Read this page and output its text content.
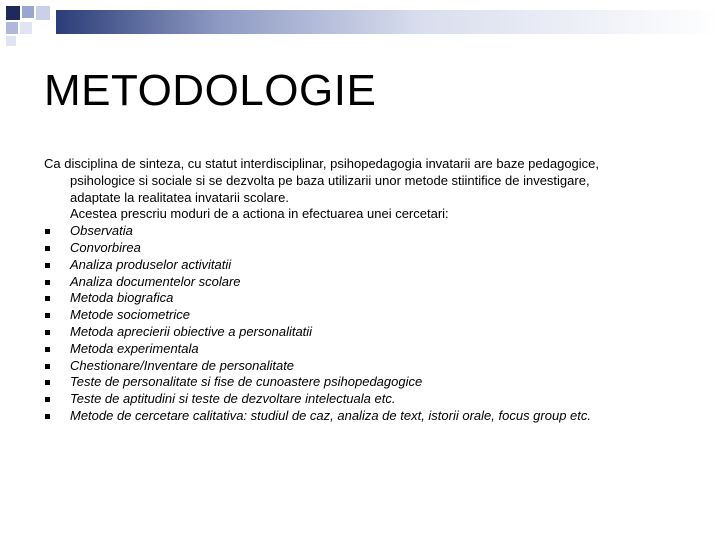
METODOLOGIE

Ca disciplina de sinteza, cu statut interdisciplinar, psihopedagogia invatarii are baze pedagogice,
psihologice si sociale si se dezvolta pe baza utilizarii unor metode stiintifice de investigare,
adaptate la realitatea invatarii scolare.
Acestea prescriu moduri de a actiona in efectuarea unei cercetari:

Observatia
Convorbirea
Analiza produselor activitatii
Analiza documentelor scolare
Metoda biografica
Metode sociometrice
Metoda aprecierii obiective a personalitatii
Metoda experimentala
Chestionare/Inventare de personalitate
Teste de personalitate si fise de cunoastere psihopedagogice
Teste de aptitudini si teste de dezvoltare intelectuala etc.
Metode de cercetare calitativa: studiul de caz, analiza de text, istorii orale, focus group etc.
